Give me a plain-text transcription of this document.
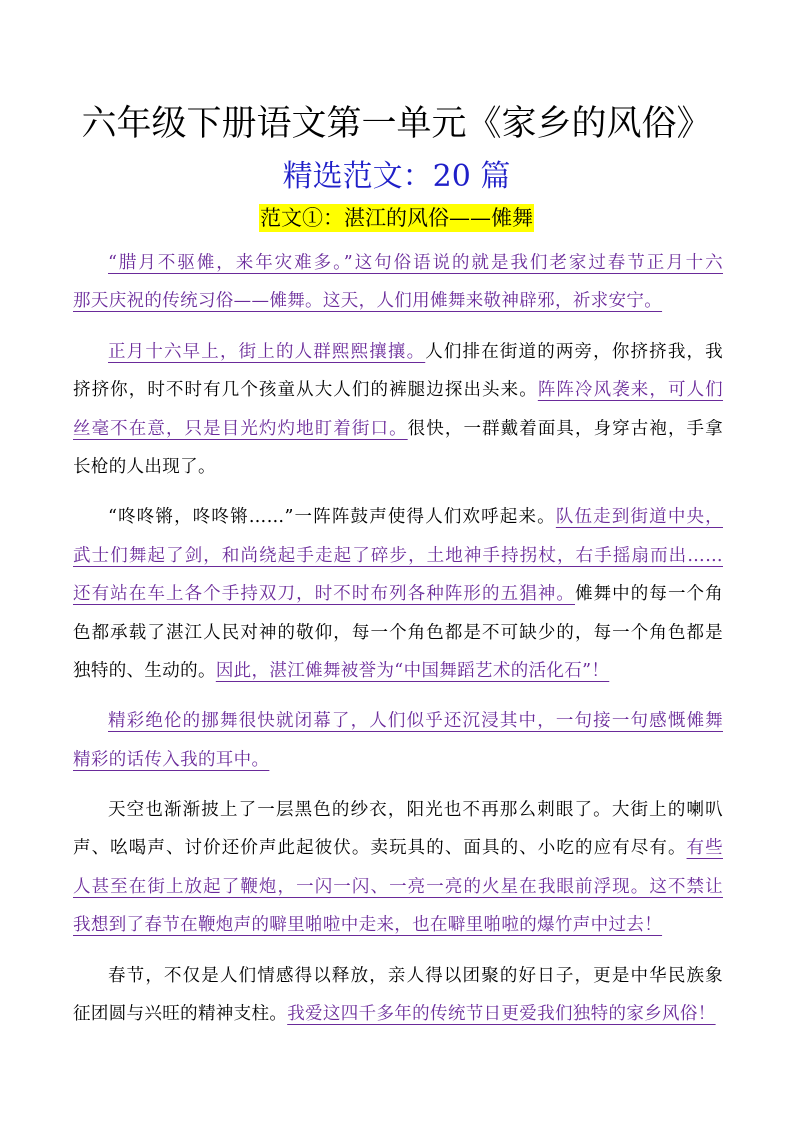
六年级下册语文第一单元《家乡的风俗》
精选范文：20 篇
范文①：湛江的风俗——傩舞
“腊月不驱傩，来年灾难多。”这句俗语说的就是我们老家过春节正月十六
那天庆祝的传统习俗——傩舞。这天，人们用傩舞来敬神辟邪，祈求安宁。
正月十六早上，街上的人群熙熙攘攘。人们排在街道的两旁，你挤挤我，我
挤挤你，时不时有几个孩童从大人们的裤腿边探出头来。阵阵冷风袭来，可人们
丝毫不在意，只是目光灼灼地盯着街口。很快，一群戴着面具，身穿古袍，手拿
长枪的人出现了。
“咚咚锵，咚咚锵……”一阵阵鼓声使得人们欢呼起来。队伍走到街道中央，
武士们舞起了剑，和尚绕起手走起了碎步，土地神手持拐杖，右手摇扇而出……
还有站在车上各个手持双刀，时不时布列各种阵形的五猖神。傩舞中的每一个角
色都承载了湛江人民对神的敬仰，每一个角色都是不可缺少的，每一个角色都是
独特的、生动的。因此，湛江傩舞被誉为“中国舞蹈艺术的活化石”！
精彩绝伦的挪舞很快就闭幕了，人们似乎还沉浸其中，一句接一句感慨傩舞
精彩的话传入我的耳中。
天空也渐渐披上了一层黑色的纱衣，阳光也不再那么刺眼了。大街上的喇叭
声、吆喝声、讨价还价声此起彼伏。卖玩具的、面具的、小吃的应有尽有。有些
人甚至在街上放起了鞭炮，一闪一闪、一亮一亮的火星在我眼前浮现。这不禁让
我想到了春节在鞭炮声的噼里啪啦中走来，也在噼里啪啦的爆竹声中过去！
春节，不仅是人们情感得以释放，亲人得以团聚的好日子，更是中华民族象
征团圆与兴旺的精神支柱。我爱这四千多年的传统节日更爱我们独特的家乡风俗！
